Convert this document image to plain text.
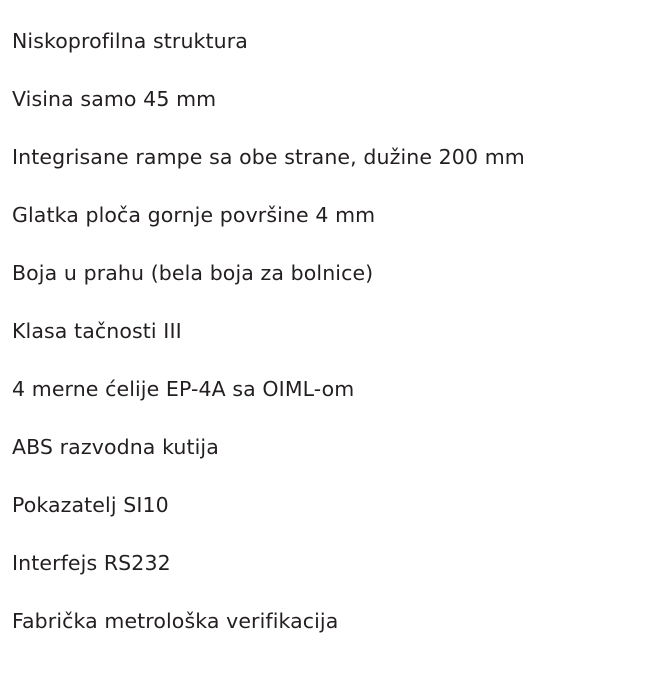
Niskoprofilna struktura
Visina samo 45 mm
Integrisane rampe sa obe strane, dužine 200 mm
Glatka ploča gornje površine 4 mm
Boja u prahu (bela boja za bolnice)
Klasa tačnosti III
4 merne ćelije EP-4A sa OIML-om
ABS razvodna kutija
Pokazatelj SI10
Interfejs RS232
Fabrička metrološka verifikacija
